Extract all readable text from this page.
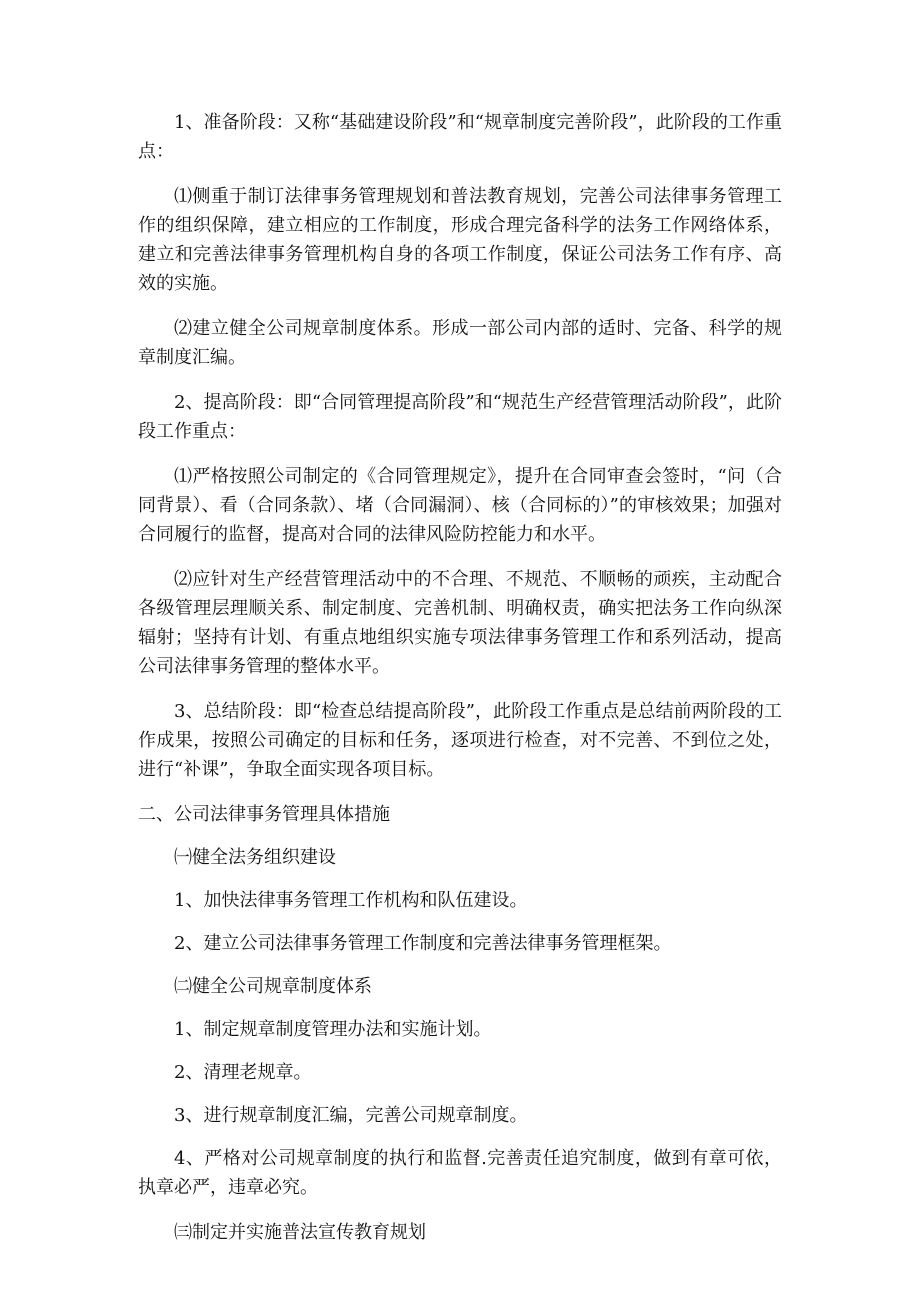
1、准备阶段：又称“基础建设阶段”和“规章制度完善阶段”，此阶段的工作重点：

⑴侧重于制订法律事务管理规划和普法教育规划，完善公司法律事务管理工作的组织保障，建立相应的工作制度，形成合理完备科学的法务工作网络体系，建立和完善法律事务管理机构自身的各项工作制度，保证公司法务工作有序、高效的实施。

⑵建立健全公司规章制度体系。形成一部公司内部的适时、完备、科学的规章制度汇编。

2、提高阶段：即“合同管理提高阶段”和“规范生产经营管理活动阶段”，此阶段工作重点：

⑴严格按照公司制定的《合同管理规定》，提升在合同审查会签时，“问（合同背景）、看（合同条款）、堵（合同漏洞）、核（合同标的）”的审核效果；加强对合同履行的监督，提高对合同的法律风险防控能力和水平。

⑵应针对生产经营管理活动中的不合理、不规范、不顺畅的顽疾，主动配合各级管理层理顺关系、制定制度、完善机制、明确权责，确实把法务工作向纵深辐射；坚持有计划、有重点地组织实施专项法律事务管理工作和系列活动，提高公司法律事务管理的整体水平。

3、总结阶段：即“检查总结提高阶段”，此阶段工作重点是总结前两阶段的工作成果，按照公司确定的目标和任务，逐项进行检查，对不完善、不到位之处，进行“补课”，争取全面实现各项目标。

二、公司法律事务管理具体措施

㈠健全法务组织建设

1、加快法律事务管理工作机构和队伍建设。

2、建立公司法律事务管理工作制度和完善法律事务管理框架。

㈡健全公司规章制度体系

1、制定规章制度管理办法和实施计划。

2、清理老规章。

3、进行规章制度汇编，完善公司规章制度。

4、严格对公司规章制度的执行和监督.完善责任追究制度，做到有章可依，执章必严，违章必究。

㈢制定并实施普法宣传教育规划
